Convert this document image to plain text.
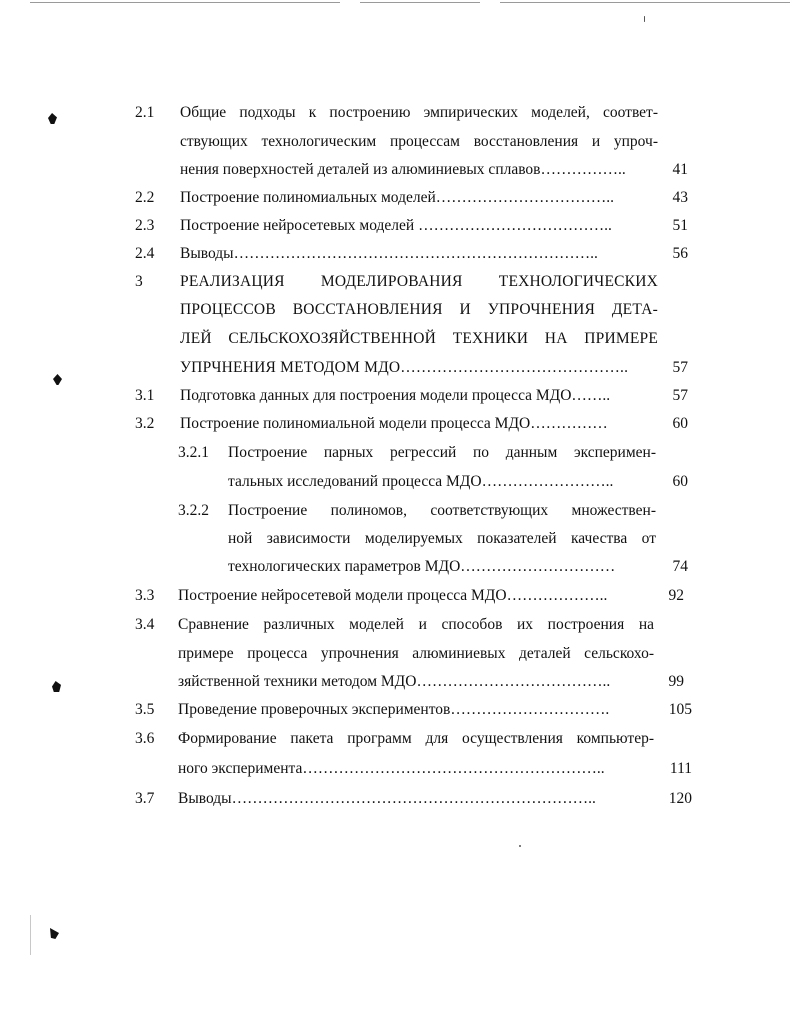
2.1 Общие подходы к построению эмпирических моделей, соответ-
ствующих технологическим процессам восстановления и упроч-
нения поверхностей деталей из алюминиевых сплавов……………..	41
2.2 Построение полиномиальных моделей……………………………..	43
2.3 Построение нейросетевых моделей ………………………………..	51
2.4 Выводы……………………………………………………………..	56
3 РЕАЛИЗАЦИЯ МОДЕЛИРОВАНИЯ ТЕХНОЛОГИЧЕСКИХ
ПРОЦЕССОВ ВОССТАНОВЛЕНИЯ И УПРОЧНЕНИЯ ДЕТА-
ЛЕЙ СЕЛЬСКОХОЗЯЙСТВЕННОЙ ТЕХНИКИ НА ПРИМЕРЕ
УПРЧНЕНИЯ МЕТОДОМ МДО……………………………………..	57
3.1 Подготовка данных для построения модели процесса МДО……..	57
3.2 Построение полиномиальной модели процесса МДО……………	60
3.2.1 Построение парных регрессий по данным эксперимен-
тальных исследований процесса МДО……………………..	60
3.2.2 Построение полиномов, соответствующих множествен-
ной зависимости моделируемых показателей качества от
технологических параметров МДО…………………………	74
3.3 Построение нейросетевой модели процесса МДО………………..	92
3.4 Сравнение различных моделей и способов их построения на
примере процесса упрочнения алюминиевых деталей сельскохо-
зяйственной техники методом МДО………………………………..	99
3.5 Проведение проверочных экспериментов………………………….	105
3.6 Формирование пакета программ для осуществления компьютер-
ного эксперимента…………………………………………………..	111
3.7 Выводы……………………………………………………………..	120
